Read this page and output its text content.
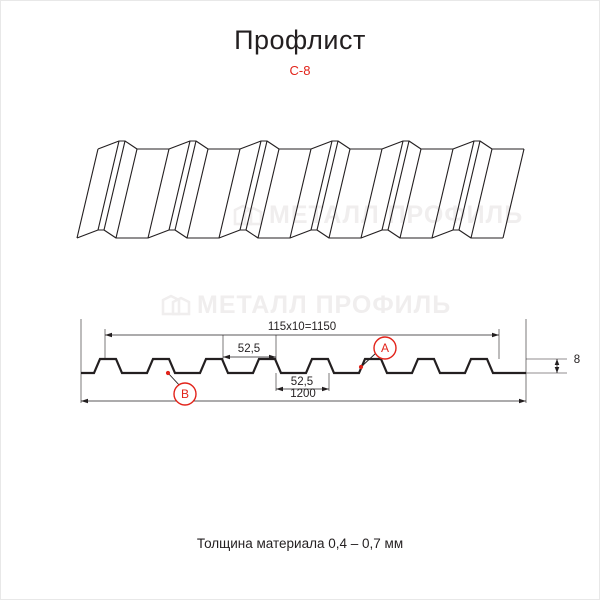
Профлист
С-8
МЕТАЛЛ ПРОФИЛЬ
МЕТАЛЛ ПРОФИЛЬ
115х10=1150
52,5
52,5
1200
8
A
B
Толщина материала 0,4 – 0,7 мм
